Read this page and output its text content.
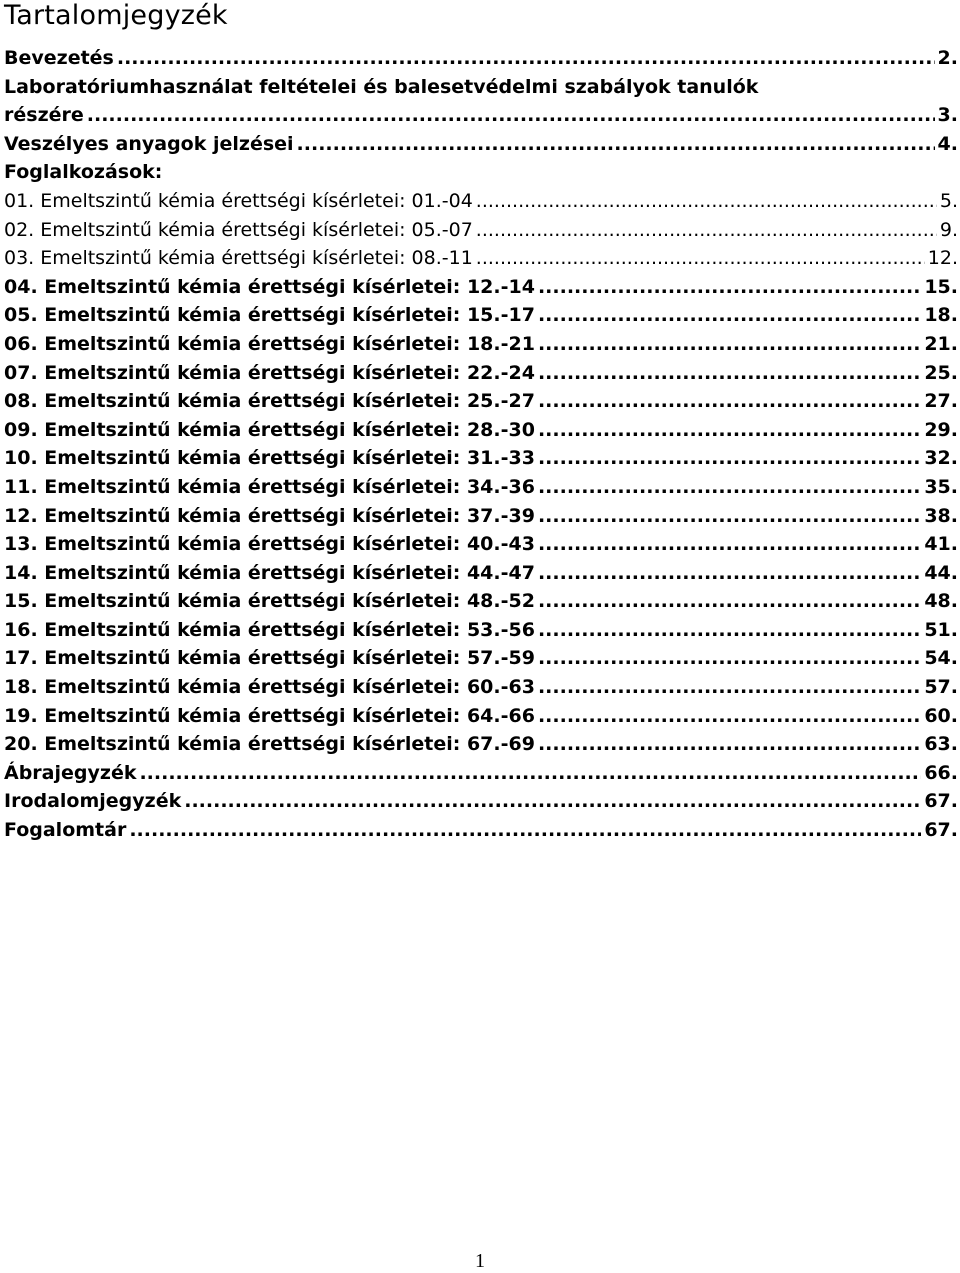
Tartalomjegyzék
Bevezetés .....	2.
Laboratóriumhasználat feltételei és balesetvédelmi szabályok tanulók
részére .....	3.
Veszélyes anyagok jelzései .....	4.
Foglalkozások:
01. Emeltszintű kémia érettségi kísérletei: 01.-04 .....	5.
02. Emeltszintű kémia érettségi kísérletei: 05.-07 .....	9.
03. Emeltszintű kémia érettségi kísérletei: 08.-11 .....	12.
04. Emeltszintű kémia érettségi kísérletei: 12.-14 .....	15.
05. Emeltszintű kémia érettségi kísérletei: 15.-17 .....	18.
06. Emeltszintű kémia érettségi kísérletei: 18.-21 .....	21.
07. Emeltszintű kémia érettségi kísérletei: 22.-24 .....	25.
08. Emeltszintű kémia érettségi kísérletei: 25.-27 .....	27.
09. Emeltszintű kémia érettségi kísérletei: 28.-30 .....	29.
10. Emeltszintű kémia érettségi kísérletei: 31.-33 .....	32.
11. Emeltszintű kémia érettségi kísérletei: 34.-36 .....	35.
12. Emeltszintű kémia érettségi kísérletei: 37.-39 .....	38.
13. Emeltszintű kémia érettségi kísérletei: 40.-43 .....	41.
14. Emeltszintű kémia érettségi kísérletei: 44.-47 .....	44.
15. Emeltszintű kémia érettségi kísérletei: 48.-52 .....	48.
16. Emeltszintű kémia érettségi kísérletei: 53.-56 .....	51.
17. Emeltszintű kémia érettségi kísérletei: 57.-59 .....	54.
18. Emeltszintű kémia érettségi kísérletei: 60.-63 .....	57.
19. Emeltszintű kémia érettségi kísérletei: 64.-66 .....	60.
20. Emeltszintű kémia érettségi kísérletei: 67.-69 .....	63.
Ábrajegyzék .....	66.
Irodalomjegyzék .....	67.
Fogalomtár .....	67.
1
